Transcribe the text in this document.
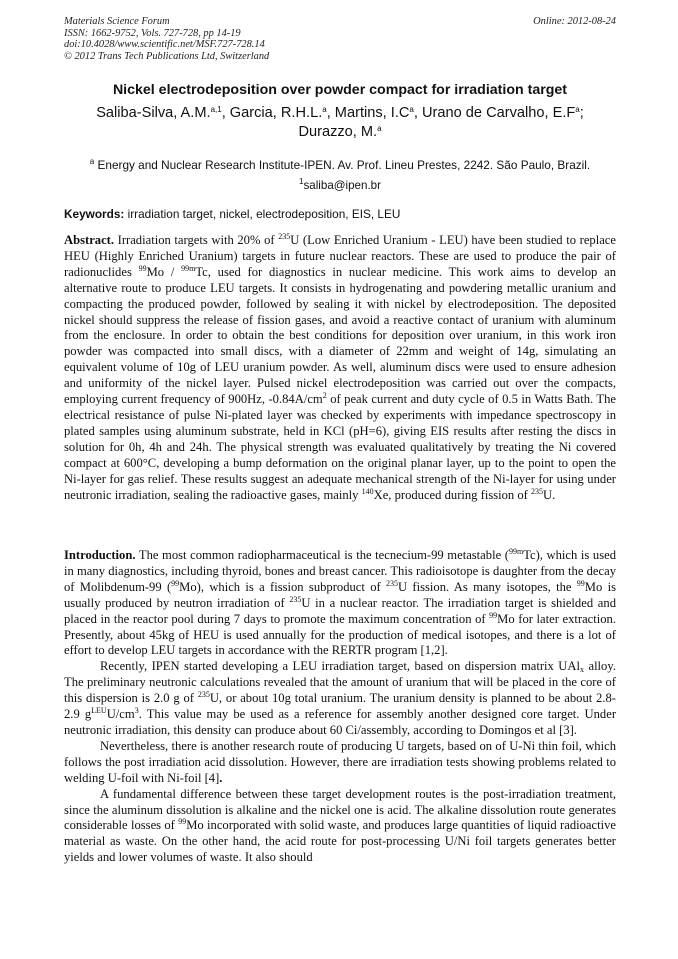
Materials Science Forum
ISSN: 1662-9752, Vols. 727-728, pp 14-19
doi:10.4028/www.scientific.net/MSF.727-728.14
© 2012 Trans Tech Publications Ltd, Switzerland
Online: 2012-08-24
Nickel electrodeposition over powder compact for irradiation target
Saliba-Silva, A.M.$^{a,1}$, Garcia, R.H.L.$^a$, Martins, $I.C^a$, Urano de Carvalho, $E.F^a$;
Durazzo, M.$^a$
$^a$ Energy and Nuclear Research Institute-IPEN. Av. Prof. Lineu Prestes, 2242. São Paulo, Brazil.
$^1$saliba@ipen.br
Keywords: irradiation target, nickel, electrodeposition, EIS, LEU

Abstract. Irradiation targets with 20% of $^{235}$U (Low Enriched Uranium - LEU) have been studied to replace HEU (Highly Enriched Uranium) targets in future nuclear reactors. These are used to produce the pair of radionuclides $^{99}$Mo / $^{99m}$Tc, used for diagnostics in nuclear medicine. This work aims to develop an alternative route to produce LEU targets. It consists in hydrogenating and powdering metallic uranium and compacting the produced powder, followed by sealing it with nickel by electrodeposition. The deposited nickel should suppress the release of fission gases, and avoid a reactive contact of uranium with aluminum from the enclosure. In order to obtain the best conditions for deposition over uranium, in this work iron powder was compacted into small discs, with a diameter of 22mm and weight of 14g, simulating an equivalent volume of 10g of LEU uranium powder. As well, aluminum discs were used to ensure adhesion and uniformity of the nickel layer. Pulsed nickel electrodeposition was carried out over the compacts, employing current frequency of 900Hz, $-0.84A/cm^2$ of peak current and duty cycle of 0.5 in Watts Bath. The electrical resistance of pulse Ni-plated layer was checked by experiments with impedance spectroscopy in plated samples using aluminum substrate, held in KCl (pH=6), giving EIS results after resting the discs in solution for 0h, 4h and 24h. The physical strength was evaluated qualitatively by treating the Ni covered compact at 600°C, developing a bump deformation on the original planar layer, up to the point to open the Ni-layer for gas relief. These results suggest an adequate mechanical strength of the Ni-layer for using under neutronic irradiation, sealing the radioactive gases, mainly $^{140}$Xe, produced during fission of $^{235}$U.

Introduction. The most common radiopharmaceutical is the tecnecium-99 metastable ($^{99m}$Tc), which is used in many diagnostics, including thyroid, bones and breast cancer. This radioisotope is daughter from the decay of Molibdenum-99 ($^{99}$Mo), which is a fission subproduct of $^{235}$U fission. As many isotopes, the $^{99}$Mo is usually produced by neutron irradiation of $^{235}$U in a nuclear reactor. The irradiation target is shielded and placed in the reactor pool during 7 days to promote the maximum concentration of $^{99}$Mo for later extraction. Presently, about 45kg of HEU is used annually for the production of medical isotopes, and there is a lot of effort to develop LEU targets in accordance with the RERTR program [1,2].

Recently, IPEN started developing a LEU irradiation target, based on dispersion matrix UAl$_x$ alloy. The preliminary neutronic calculations revealed that the amount of uranium that will be placed in the core of this dispersion is 2.0 g of $^{235}$U, or about 10g total uranium. The uranium density is planned to be about 2.8-2.9 $g^{LEU}U/cm^3$. This value may be used as a reference for assembly another designed core target. Under neutronic irradiation, this density can produce about 60 Ci/assembly, according to Domingos et al [3].

Nevertheless, there is another research route of producing U targets, based on of U-Ni thin foil, which follows the post irradiation acid dissolution. However, there are irradiation tests showing problems related to welding U-foil with Ni-foil [4].

A fundamental difference between these target development routes is the post-irradiation treatment, since the aluminum dissolution is alkaline and the nickel one is acid. The alkaline dissolution route generates considerable losses of $^{99}$Mo incorporated with solid waste, and produces large quantities of liquid radioactive material as waste. On the other hand, the acid route for post-processing U/Ni foil targets generates better yields and lower volumes of waste. It also should
